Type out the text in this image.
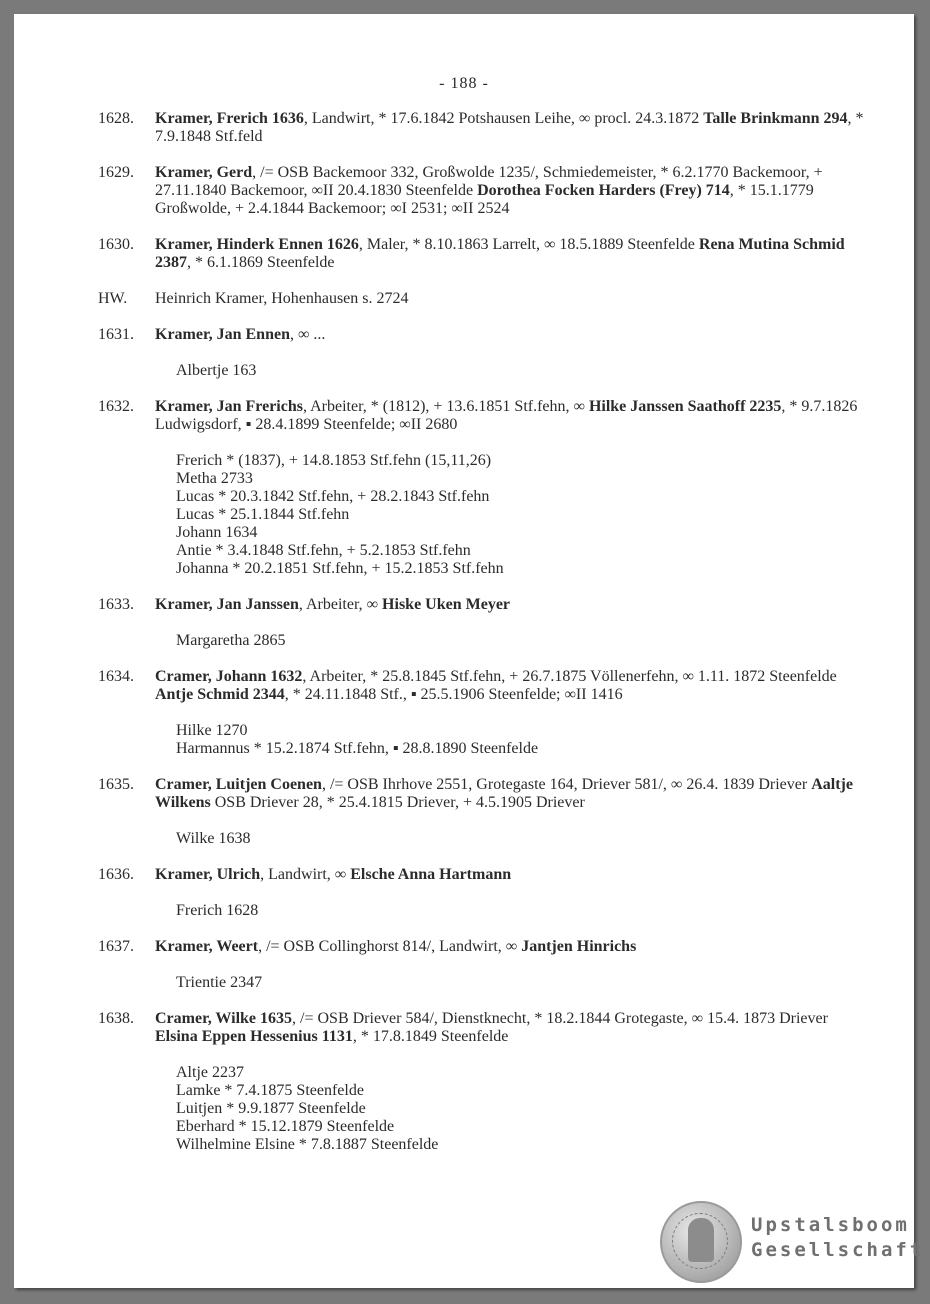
- 188 -
1628.	Kramer, Frerich 1636, Landwirt, * 17.6.1842 Potshausen Leihe, ∞ procl. 24.3.1872 Talle Brinkmann 294, * 7.9.1848 Stf.feld
1629.	Kramer, Gerd, /= OSB Backemoor 332, Großwolde 1235/, Schmiedemeister, * 6.2.1770 Backemoor, + 27.11.1840 Backemoor, ∞II 20.4.1830 Steenfelde Dorothea Focken Harders (Frey) 714, * 15.1.1779 Großwolde, + 2.4.1844 Backemoor; ∞I 2531; ∞II 2524
1630.	Kramer, Hinderk Ennen 1626, Maler, * 8.10.1863 Larrelt, ∞ 18.5.1889 Steenfelde Rena Mutina Schmid 2387, * 6.1.1869 Steenfelde
HW.	Heinrich Kramer, Hohenhausen s. 2724
1631.	Kramer, Jan Ennen, ∞ ...
Albertje 163
1632.	Kramer, Jan Frerichs, Arbeiter, * (1812), + 13.6.1851 Stf.fehn, ∞ Hilke Janssen Saathoff 2235, * 9.7.1826 Ludwigsdorf, ▪ 28.4.1899 Steenfelde; ∞II 2680
Frerich * (1837), + 14.8.1853 Stf.fehn (15,11,26)
Metha 2733
Lucas * 20.3.1842 Stf.fehn, + 28.2.1843 Stf.fehn
Lucas * 25.1.1844 Stf.fehn
Johann 1634
Antie * 3.4.1848 Stf.fehn, + 5.2.1853 Stf.fehn
Johanna * 20.2.1851 Stf.fehn, + 15.2.1853 Stf.fehn
1633.	Kramer, Jan Janssen, Arbeiter, ∞ Hiske Uken Meyer
Margaretha 2865
1634.	Cramer, Johann 1632, Arbeiter, * 25.8.1845 Stf.fehn, + 26.7.1875 Völlenerfehn, ∞ 1.11. 1872 Steenfelde Antje Schmid 2344, * 24.11.1848 Stf., ▪ 25.5.1906 Steenfelde; ∞II 1416
Hilke 1270
Harmannus * 15.2.1874 Stf.fehn, ▪ 28.8.1890 Steenfelde
1635.	Cramer, Luitjen Coenen, /= OSB Ihrhove 2551, Grotegaste 164, Driever 581/, ∞ 26.4. 1839 Driever Aaltje Wilkens OSB Driever 28, * 25.4.1815 Driever, + 4.5.1905 Driever
Wilke 1638
1636.	Kramer, Ulrich, Landwirt, ∞ Elsche Anna Hartmann
Frerich 1628
1637.	Kramer, Weert, /= OSB Collinghorst 814/, Landwirt, ∞ Jantjen Hinrichs
Trientie 2347
1638.	Cramer, Wilke 1635, /= OSB Driever 584/, Dienstknecht, * 18.2.1844 Grotegaste, ∞ 15.4. 1873 Driever Elsina Eppen Hessenius 1131, * 17.8.1849 Steenfelde
Altje 2237
Lamke * 7.4.1875 Steenfelde
Luitjen * 9.9.1877 Steenfelde
Eberhard * 15.12.1879 Steenfelde
Wilhelmine Elsine * 7.8.1887 Steenfelde
Upstalsboom
Gesellschaft
